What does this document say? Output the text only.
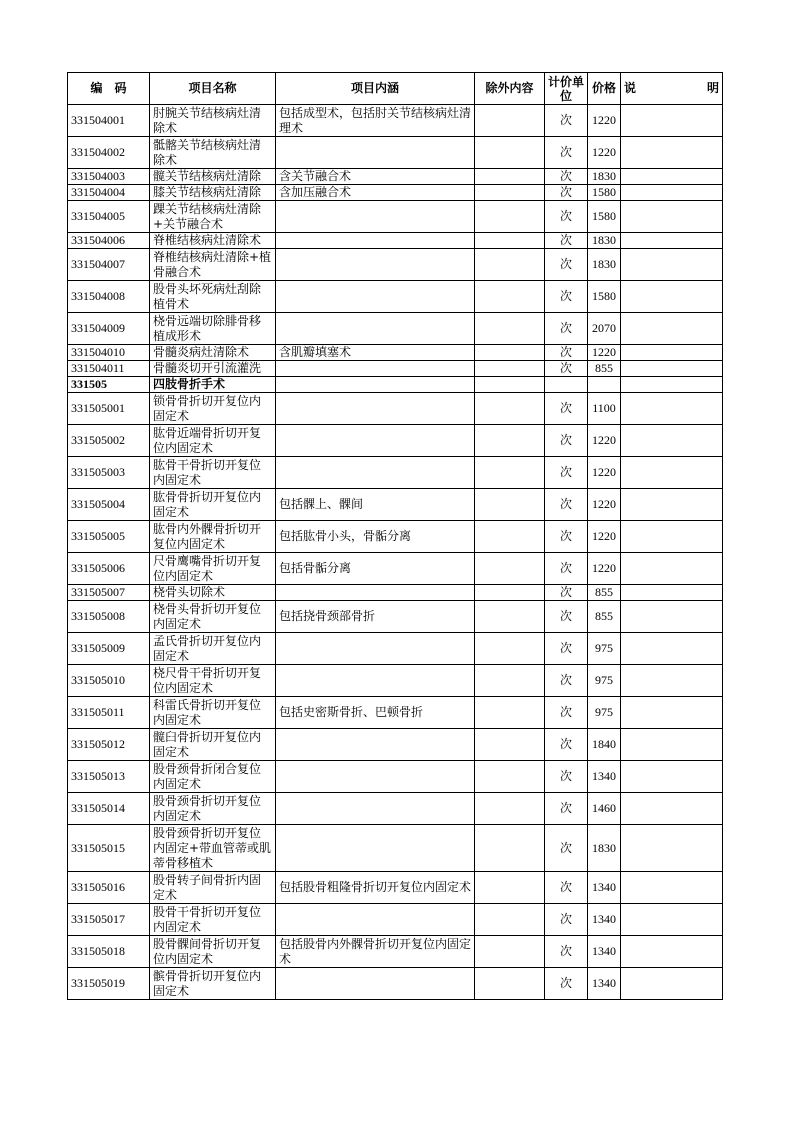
编　码	项目名称	项目内涵	除外内容	计价单位	价格	说 明

331504001	肘腕关节结核病灶清除术	包括成型术，包括肘关节结核病灶清理术		次	1220	
331504002	骶髂关节结核病灶清除术			次	1220	
331504003	髋关节结核病灶清除	含关节融合术		次	1830	
331504004	膝关节结核病灶清除	含加压融合术		次	1580	
331504005	踝关节结核病灶清除+关节融合术			次	1580	
331504006	脊椎结核病灶清除术			次	1830	
331504007	脊椎结核病灶清除+植骨融合术			次	1830	
331504008	股骨头坏死病灶刮除植骨术			次	1580	
331504009	桡骨远端切除腓骨移植成形术			次	2070	
331504010	骨髓炎病灶清除术	含肌瓣填塞术		次	1220	
331504011	骨髓炎切开引流灌洗			次	855	
331505	四肢骨折手术					
331505001	锁骨骨折切开复位内固定术			次	1100	
331505002	肱骨近端骨折切开复位内固定术			次	1220	
331505003	肱骨干骨折切开复位内固定术			次	1220	
331505004	肱骨骨折切开复位内固定术	包括髁上、髁间		次	1220	
331505005	肱骨内外髁骨折切开复位内固定术	包括肱骨小头，骨骺分离		次	1220	
331505006	尺骨鹰嘴骨折切开复位内固定术	包括骨骺分离		次	1220	
331505007	桡骨头切除术			次	855	
331505008	桡骨头骨折切开复位内固定术	包括挠骨颈部骨折		次	855	
331505009	孟氏骨折切开复位内固定术			次	975	
331505010	桡尺骨干骨折切开复位内固定术			次	975	
331505011	科雷氏骨折切开复位内固定术	包括史密斯骨折、巴顿骨折		次	975	
331505012	髋臼骨折切开复位内固定术			次	1840	
331505013	股骨颈骨折闭合复位内固定术			次	1340	
331505014	股骨颈骨折切开复位内固定术			次	1460	
331505015	股骨颈骨折切开复位内固定+带血管蒂或肌蒂骨移植术			次	1830	
331505016	股骨转子间骨折内固定术	包括股骨粗隆骨折切开复位内固定术		次	1340	
331505017	股骨干骨折切开复位内固定术			次	1340	
331505018	股骨髁间骨折切开复位内固定术	包括股骨内外髁骨折切开复位内固定术		次	1340	
331505019	髌骨骨折切开复位内固定术			次	1340	
